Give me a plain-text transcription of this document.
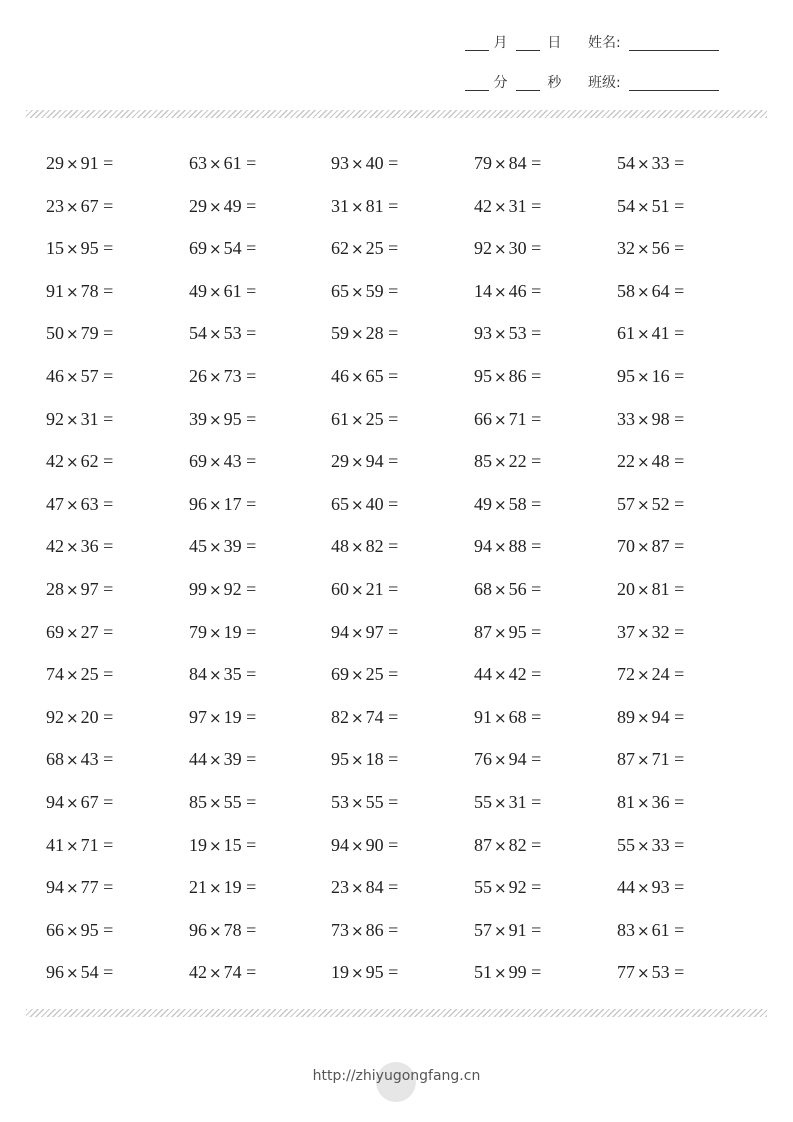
月	日
分	秒
姓名:
班级:
29 × 91 =	63 × 61 =	93 × 40 =	79 × 84 =	54 × 33 =
23 × 67 =	29 × 49 =	31 × 81 =	42 × 31 =	54 × 51 =
15 × 95 =	69 × 54 =	62 × 25 =	92 × 30 =	32 × 56 =
91 × 78 =	49 × 61 =	65 × 59 =	14 × 46 =	58 × 64 =
50 × 79 =	54 × 53 =	59 × 28 =	93 × 53 =	61 × 41 =
46 × 57 =	26 × 73 =	46 × 65 =	95 × 86 =	95 × 16 =
92 × 31 =	39 × 95 =	61 × 25 =	66 × 71 =	33 × 98 =
42 × 62 =	69 × 43 =	29 × 94 =	85 × 22 =	22 × 48 =
47 × 63 =	96 × 17 =	65 × 40 =	49 × 58 =	57 × 52 =
42 × 36 =	45 × 39 =	48 × 82 =	94 × 88 =	70 × 87 =
28 × 97 =	99 × 92 =	60 × 21 =	68 × 56 =	20 × 81 =
69 × 27 =	79 × 19 =	94 × 97 =	87 × 95 =	37 × 32 =
74 × 25 =	84 × 35 =	69 × 25 =	44 × 42 =	72 × 24 =
92 × 20 =	97 × 19 =	82 × 74 =	91 × 68 =	89 × 94 =
68 × 43 =	44 × 39 =	95 × 18 =	76 × 94 =	87 × 71 =
94 × 67 =	85 × 55 =	53 × 55 =	55 × 31 =	81 × 36 =
41 × 71 =	19 × 15 =	94 × 90 =	87 × 82 =	55 × 33 =
94 × 77 =	21 × 19 =	23 × 84 =	55 × 92 =	44 × 93 =
66 × 95 =	96 × 78 =	73 × 86 =	57 × 91 =	83 × 61 =
96 × 54 =	42 × 74 =	19 × 95 =	51 × 99 =	77 × 53 =
http://zhiyugongfang.cn
